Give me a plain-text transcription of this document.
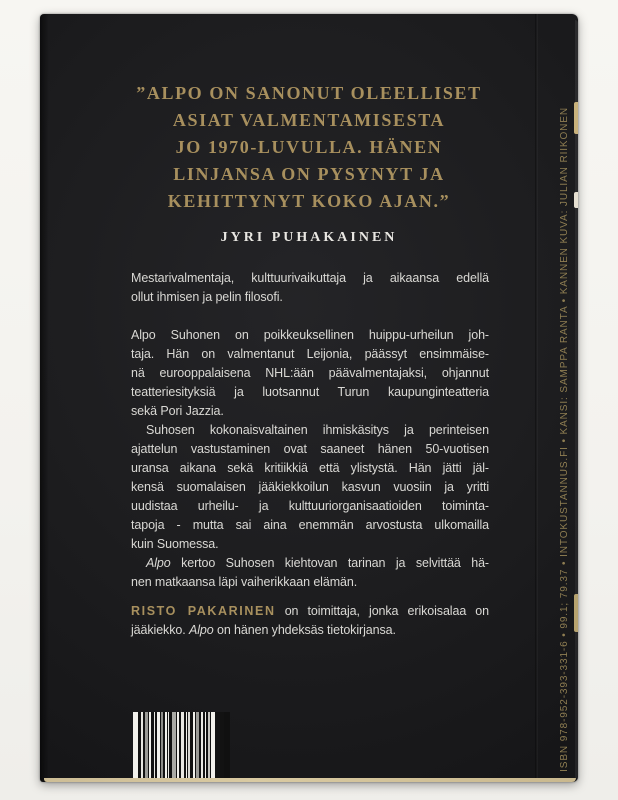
”ALPO ON SANONUT OLEELLISET
ASIAT VALMENTAMISESTA
JO 1970-LUVULLA. HÄNEN
LINJANSA ON PYSYNYT JA
KEHITTYNYT KOKO AJAN.”
JYRI PUHAKAINEN
Mestarivalmentaja, kulttuurivaikuttaja ja aikaansa edellä
ollut ihmisen ja pelin filosofi.
Alpo Suhonen on poikkeuksellinen huippu-urheilun joh-
taja. Hän on valmentanut Leijonia, päässyt ensimmäise-
nä eurooppalaisena NHL:ään päävalmentajaksi, ohjannut
teatteriesityksiä ja luotsannut Turun kaupunginteatteria
sekä Pori Jazzia.
Suhosen kokonaisvaltainen ihmiskäsitys ja perinteisen
ajattelun vastustaminen ovat saaneet hänen 50-vuotisen
uransa aikana sekä kritiikkiä että ylistystä. Hän jätti jäl-
kensä suomalaisen jääkiekkoilun kasvun vuosiin ja yritti
uudistaa urheilu- ja kulttuuriorganisaatioiden toiminta-
tapoja - mutta sai aina enemmän arvostusta ulkomailla
kuin Suomessa.
Alpo kertoo Suhosen kiehtovan tarinan ja selvittää hä-
nen matkaansa läpi vaiherikkaan elämän.
RISTO PAKARINEN on toimittaja, jonka erikoisalaa on
jääkiekko. Alpo on hänen yhdeksäs tietokirjansa.	ISBN 978-952-393-331-6 • 99.1; 79.37 • INTOKUSTANNUS.FI • KANSI: SAMPPA RANTA • KANNEN KUVA: JULIAN RIIKONEN
